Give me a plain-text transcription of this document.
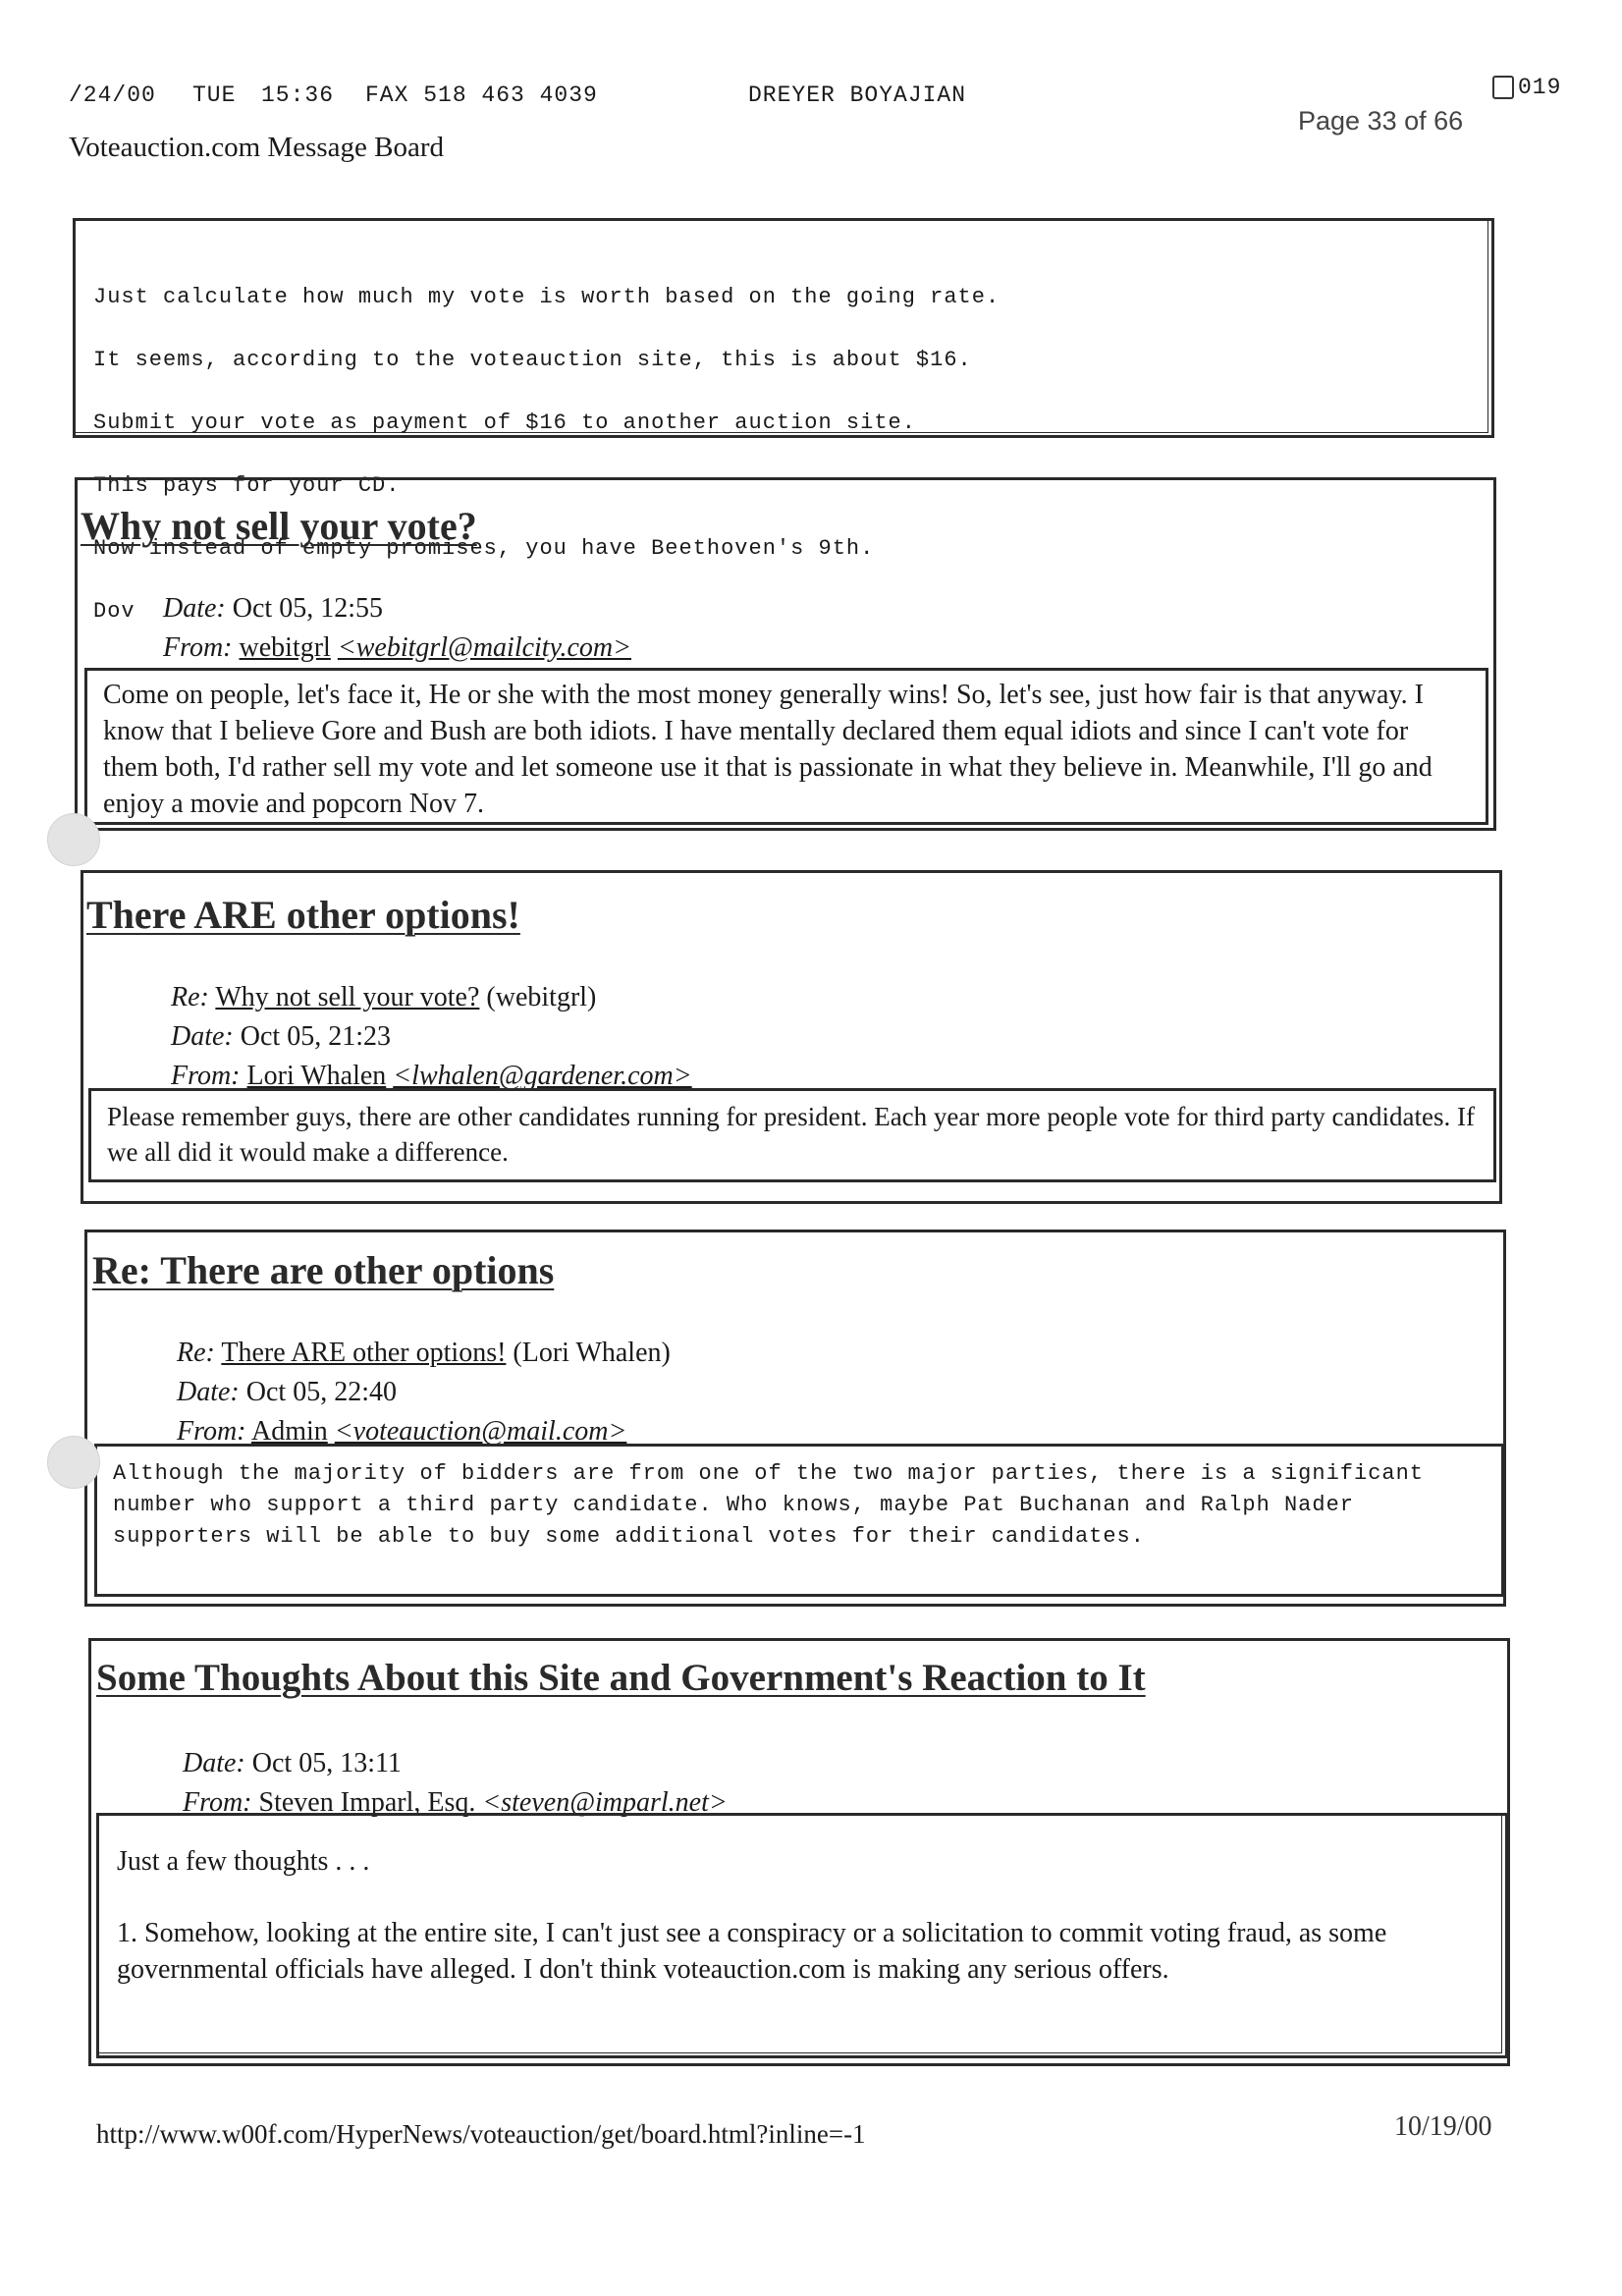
/24/00 TUE 15:36 FAX 518 463 4039	DREYER BOYAJIAN	019
Voteauction.com Message Board
Page 33 of 66

Just calculate how much my vote is worth based on the going rate.

It seems, according to the voteauction site, this is about $16.

Submit your vote as payment of $16 to another auction site.

This pays for your CD.

Now instead of empty promises, you have Beethoven's 9th.

Dov

Why not sell your vote?
Date: Oct 05, 12:55
From: webitgrl <webitgrl@mailcity.com>
Come on people, let's face it, He or she with the most money generally wins! So, let's see, just how fair is that anyway. I know that I believe Gore and Bush are both idiots. I have mentally declared them equal idiots and since I can't vote for them both, I'd rather sell my vote and let someone use it that is passionate in what they believe in. Meanwhile, I'll go and enjoy a movie and popcorn Nov 7.
There ARE other options!
Re: Why not sell your vote? (webitgrl)
Date: Oct 05, 21:23
From: Lori Whalen <lwhalen@gardener.com>
Please remember guys, there are other candidates running for president. Each year more people vote for third party candidates. If we all did it would make a difference.
Re: There are other options
Re: There ARE other options! (Lori Whalen)
Date: Oct 05, 22:40
From: Admin <voteauction@mail.com>
Although the majority of bidders are from one of the two major parties, there is a significant number who support a third party candidate. Who knows, maybe Pat Buchanan and Ralph Nader supporters will be able to buy some additional votes for their candidates.
Some Thoughts About this Site and Government's Reaction to It
Date: Oct 05, 13:11
From: Steven Imparl, Esq. <steven@imparl.net>
Just a few thoughts . . .
1. Somehow, looking at the entire site, I can't just see a conspiracy or a solicitation to commit voting fraud, as some governmental officials have alleged. I don't think voteauction.com is making any serious offers.
http://www.w00f.com/HyperNews/voteauction/get/board.html?inline=-1	10/19/00
